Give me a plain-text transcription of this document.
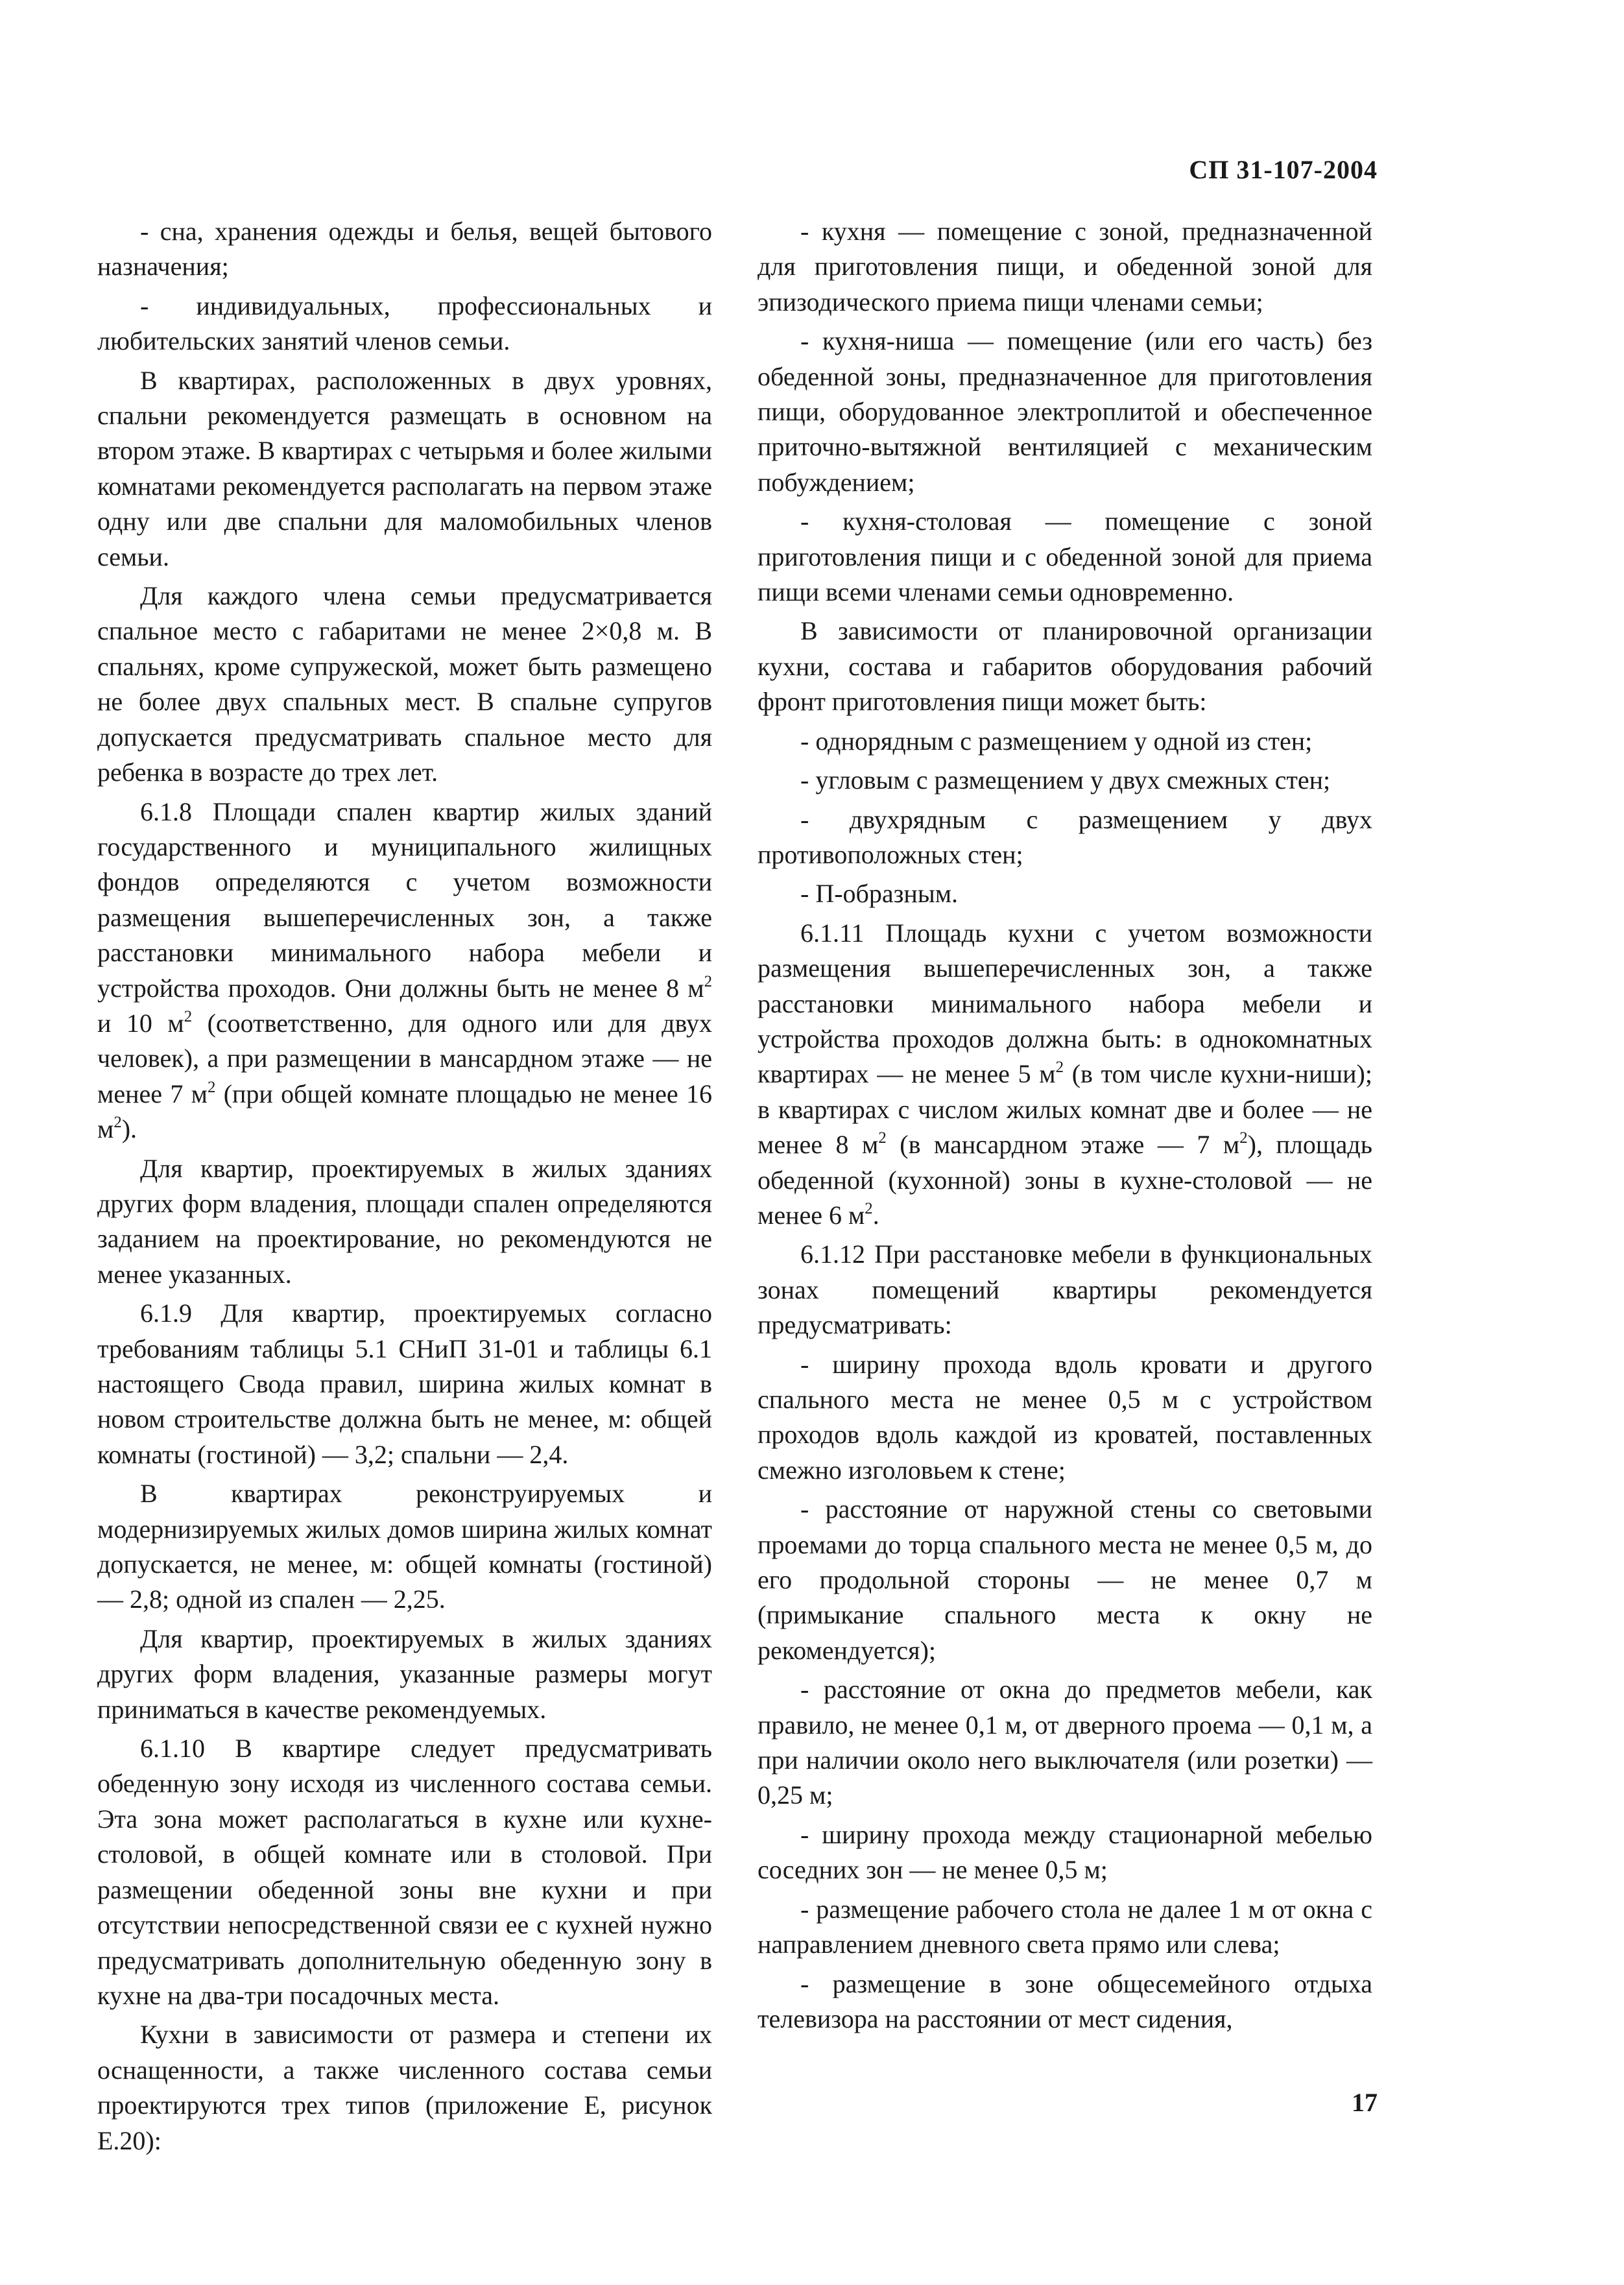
СП 31-107-2004

- сна, хранения одежды и белья, вещей бытового назначения;

- индивидуальных, профессиональных и любительских занятий членов семьи.

В квартирах, расположенных в двух уровнях, спальни рекомендуется размещать в основном на втором этаже. В квартирах с четырьмя и более жилыми комнатами рекомендуется располагать на первом этаже одну или две спальни для маломобильных членов семьи.

Для каждого члена семьи предусматривается спальное место с габаритами не менее 2×0,8 м. В спальнях, кроме супружеской, может быть размещено не более двух спальных мест. В спальне супругов допускается предусматривать спальное место для ребенка в возрасте до трех лет.

6.1.8 Площади спален квартир жилых зданий государственного и муниципального жилищных фондов определяются с учетом возможности размещения вышеперечисленных зон, а также расстановки минимального набора мебели и устройства проходов. Они должны быть не менее 8 $м^2$ и 10 $м^2$ (соответственно, для одного или для двух человек), а при размещении в мансардном этаже — не менее 7 $м^2$ (при общей комнате площадью не менее 16 $м^2$).

Для квартир, проектируемых в жилых зданиях других форм владения, площади спален определяются заданием на проектирование, но рекомендуются не менее указанных.

6.1.9 Для квартир, проектируемых согласно требованиям таблицы 5.1 СНиП 31-01 и таблицы 6.1 настоящего Свода правил, ширина жилых комнат в новом строительстве должна быть не менее, м: общей комнаты (гостиной) — 3,2; спальни — 2,4.

В квартирах реконструируемых и модернизируемых жилых домов ширина жилых комнат допускается, не менее, м: общей комнаты (гостиной) — 2,8; одной из спален — 2,25.

Для квартир, проектируемых в жилых зданиях других форм владения, указанные размеры могут приниматься в качестве рекомендуемых.

6.1.10 В квартире следует предусматривать обеденную зону исходя из численного состава семьи. Эта зона может располагаться в кухне или кухне-столовой, в общей комнате или в столовой. При размещении обеденной зоны вне кухни и при отсутствии непосредственной связи ее с кухней нужно предусматривать дополнительную обеденную зону в кухне на два-три посадочных места.

Кухни в зависимости от размера и степени их оснащенности, а также численного состава семьи проектируются трех типов (приложение Е, рисунок Е.20):

- кухня — помещение с зоной, предназначенной для приготовления пищи, и обеденной зоной для эпизодического приема пищи членами семьи;

- кухня-ниша — помещение (или его часть) без обеденной зоны, предназначенное для приготовления пищи, оборудованное электроплитой и обеспеченное приточно-вытяжной вентиляцией с механическим побуждением;

- кухня-столовая — помещение с зоной приготовления пищи и с обеденной зоной для приема пищи всеми членами семьи одновременно.

В зависимости от планировочной организации кухни, состава и габаритов оборудования рабочий фронт приготовления пищи может быть:

- однорядным с размещением у одной из стен;

- угловым с размещением у двух смежных стен;

- двухрядным с размещением у двух противоположных стен;

- П-образным.

6.1.11 Площадь кухни с учетом возможности размещения вышеперечисленных зон, а также расстановки минимального набора мебели и устройства проходов должна быть: в однокомнатных квартирах — не менее 5 $м^2$ (в том числе кухни-ниши); в квартирах с числом жилых комнат две и более — не менее 8 $м^2$ (в мансардном этаже — 7 $м^2$), площадь обеденной (кухонной) зоны в кухне-столовой — не менее 6 $м^2$.

6.1.12 При расстановке мебели в функциональных зонах помещений квартиры рекомендуется предусматривать:

- ширину прохода вдоль кровати и другого спального места не менее 0,5 м с устройством проходов вдоль каждой из кроватей, поставленных смежно изголовьем к стене;

- расстояние от наружной стены со световыми проемами до торца спального места не менее 0,5 м, до его продольной стороны — не менее 0,7 м (примыкание спального места к окну не рекомендуется);

- расстояние от окна до предметов мебели, как правило, не менее 0,1 м, от дверного проема — 0,1 м, а при наличии около него выключателя (или розетки) — 0,25 м;

- ширину прохода между стационарной мебелью соседних зон — не менее 0,5 м;

- размещение рабочего стола не далее 1 м от окна с направлением дневного света прямо или слева;

- размещение в зоне общесемейного отдыха телевизора на расстоянии от мест сидения,

17
